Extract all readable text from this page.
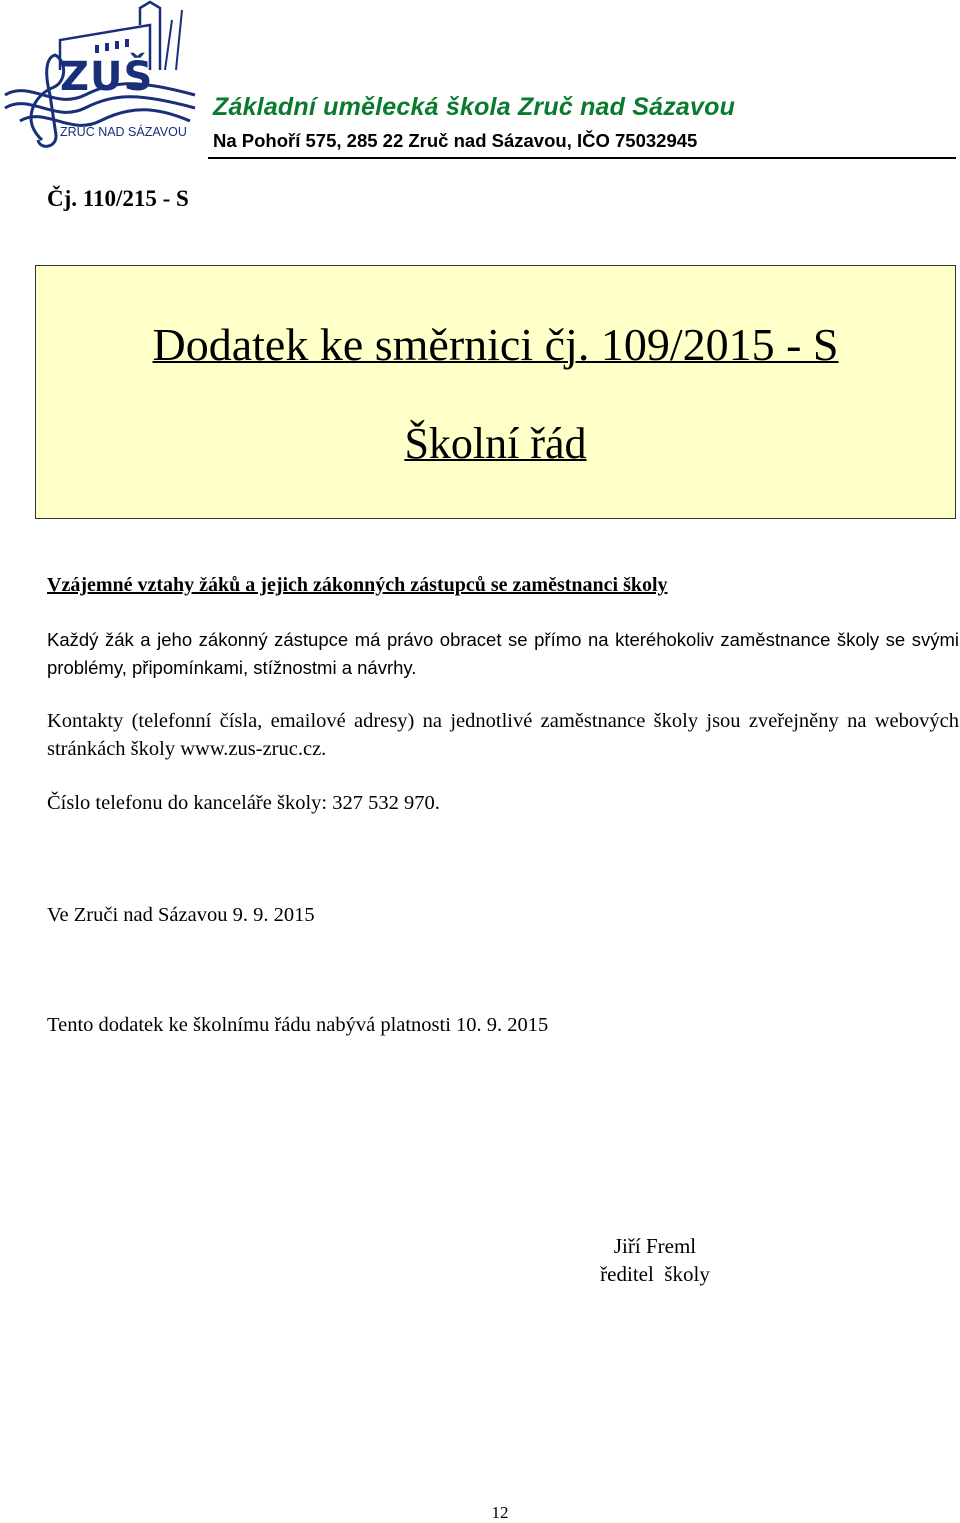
ZUŠ
ZRUČ NAD SÁZAVOU
Základní umělecká škola Zruč nad Sázavou
Na Pohoří 575, 285 22 Zruč nad Sázavou, IČO 75032945
Čj. 110/215 - S
Dodatek ke směrnici čj. 109/2015 - S
Školní řád
Vzájemné vztahy žáků a jejich zákonných zástupců se zaměstnanci školy
Každý žák a jeho zákonný zástupce má právo obracet se přímo na kteréhokoliv zaměstnance školy se svými problémy, připomínkami, stížnostmi a návrhy.
Kontakty (telefonní čísla, emailové adresy) na jednotlivé zaměstnance školy jsou zveřejněny na webových stránkách školy www.zus-zruc.cz.
Číslo telefonu do kanceláře školy: 327 532 970.
Ve Zruči nad Sázavou 9. 9. 2015
Tento dodatek ke školnímu řádu nabývá platnosti 10. 9. 2015
Jiří Freml
ředitel  školy
12
